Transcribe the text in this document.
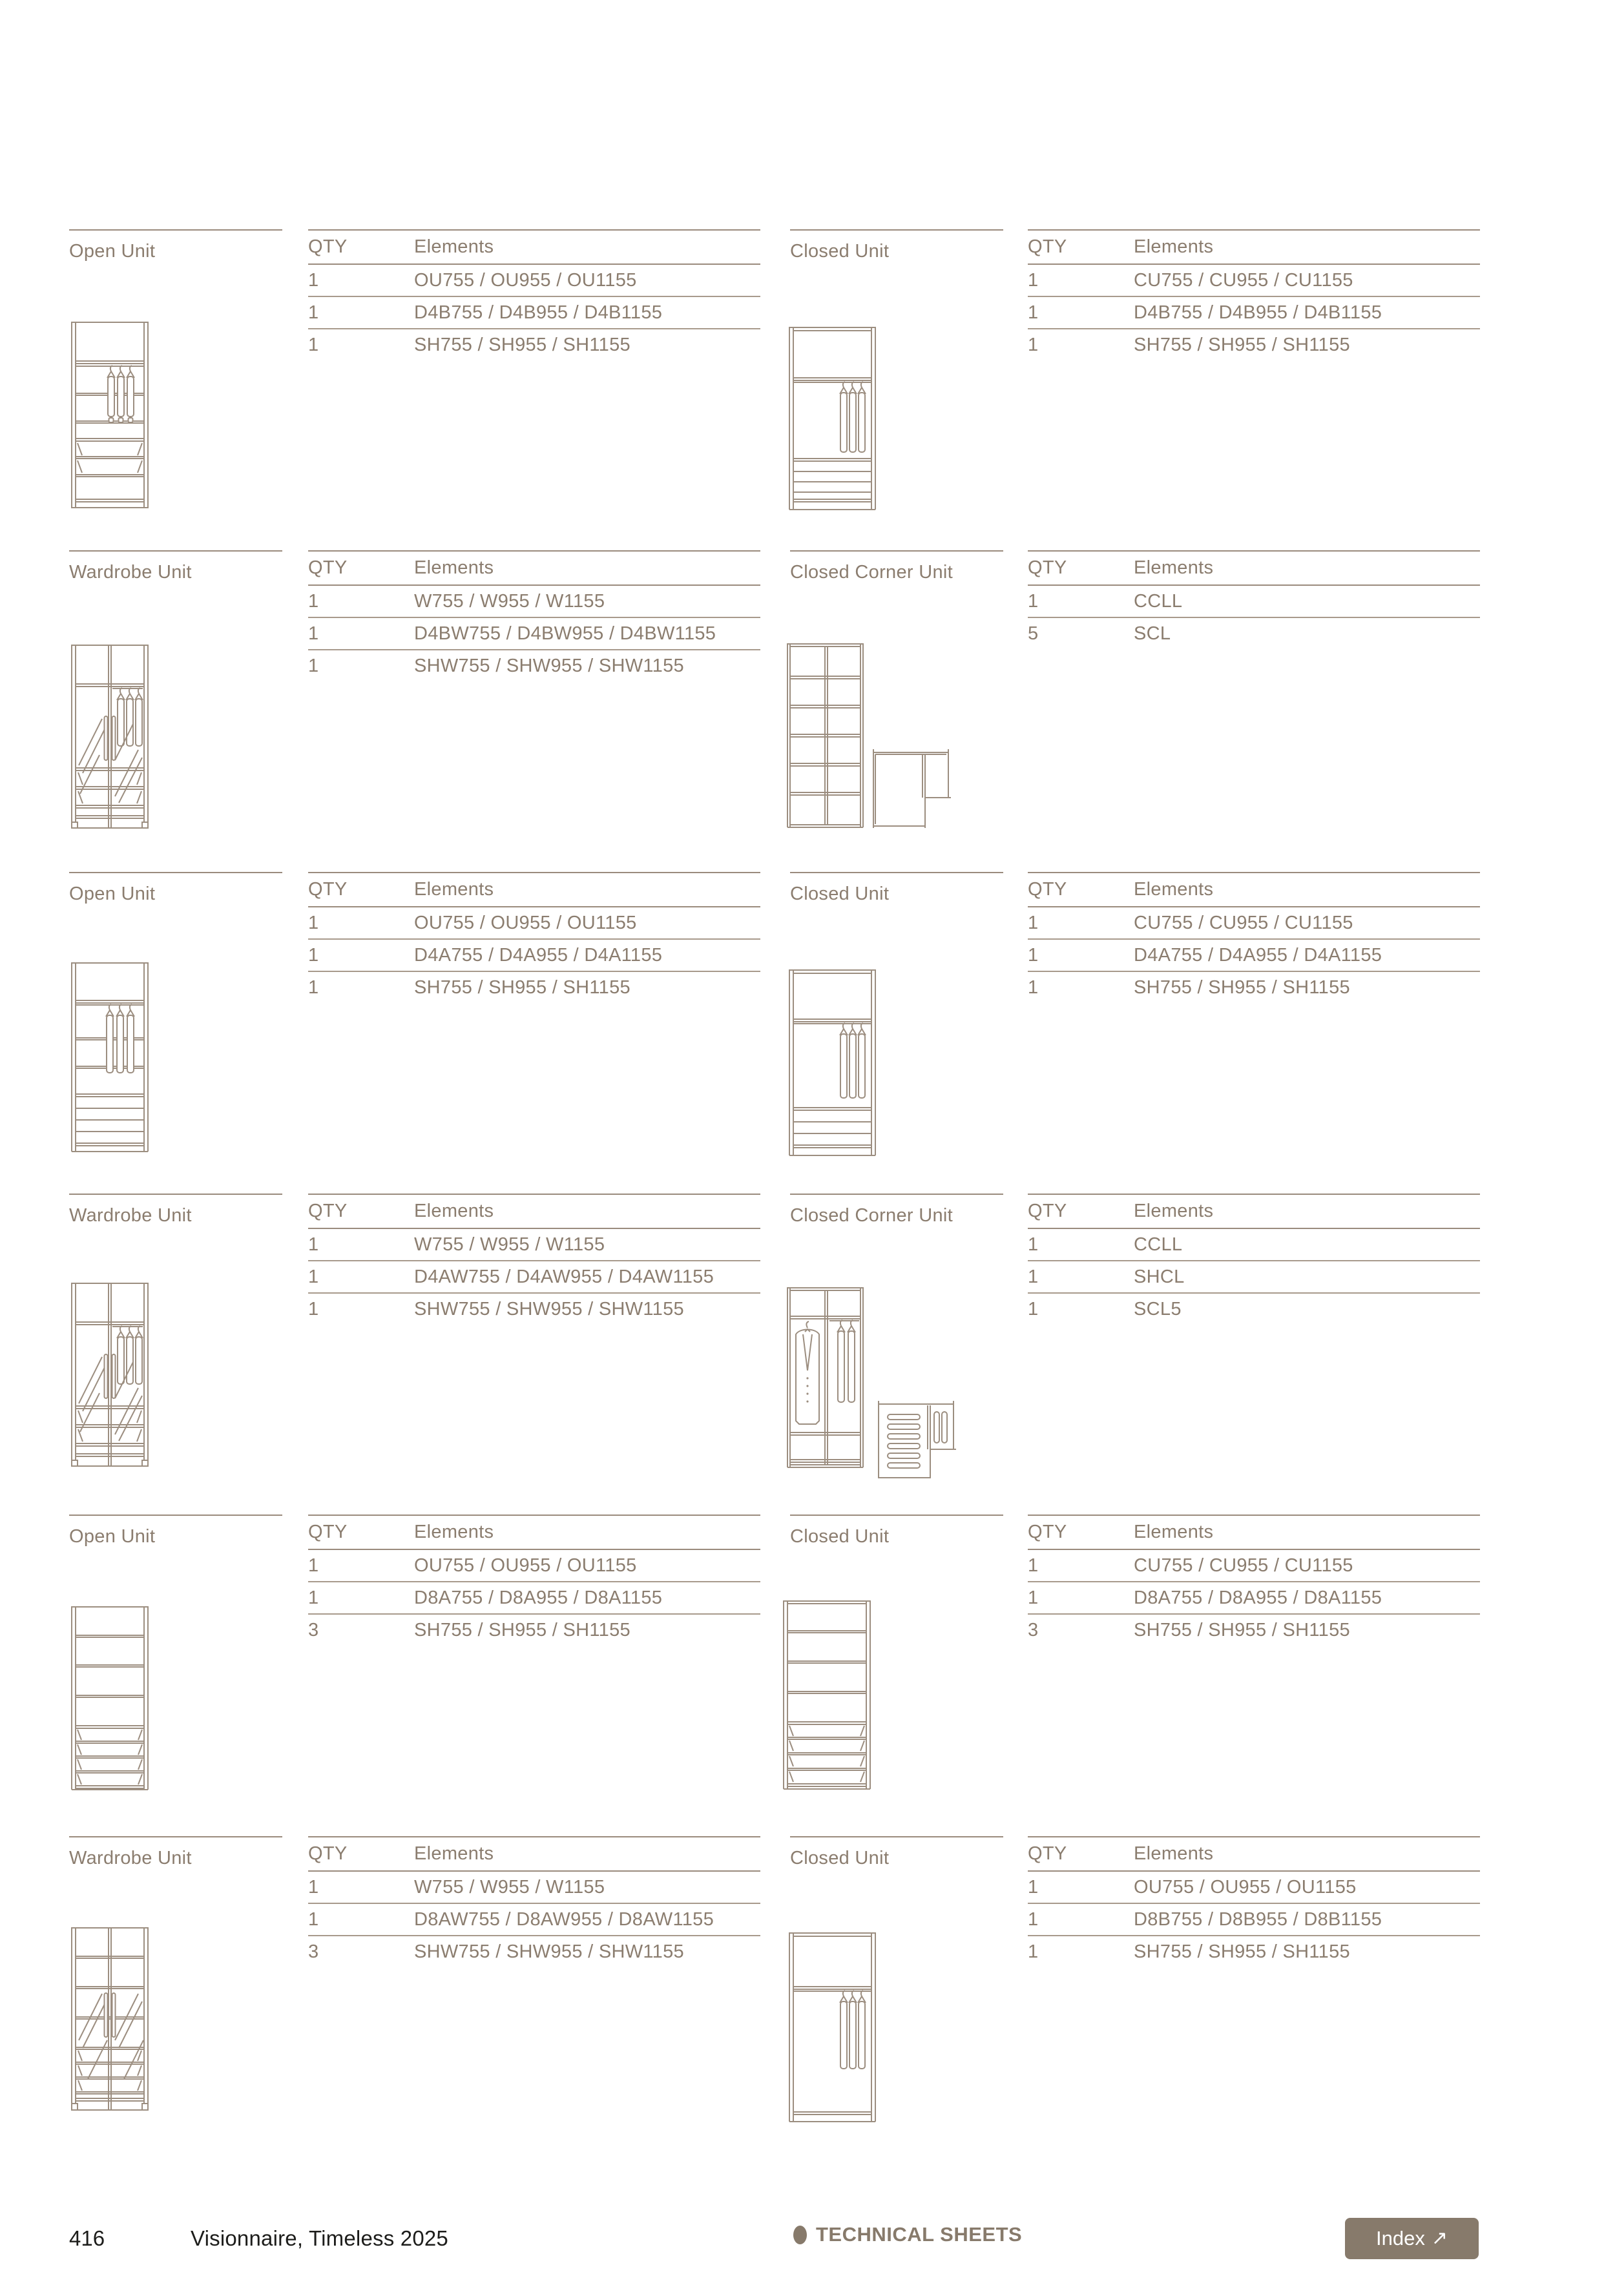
Open Unit	QTY	Elements
1	OU755 / OU955 / OU1155
1	D4B755 / D4B955 / D4B1155
1	SH755 / SH955 / SH1155
Closed Unit	QTY	Elements
1	CU755 / CU955 / CU1155
1	D4B755 / D4B955 / D4B1155
1	SH755 / SH955 / SH1155
Wardrobe Unit	QTY	Elements
1	W755 / W955 / W1155
1	D4BW755 / D4BW955 / D4BW1155
1	SHW755 / SHW955 / SHW1155
Closed Corner Unit	QTY	Elements
1	CCLL
5	SCL
Open Unit	QTY	Elements
1	OU755 / OU955 / OU1155
1	D4A755 / D4A955 / D4A1155
1	SH755 / SH955 / SH1155
Closed Unit	QTY	Elements
1	CU755 / CU955 / CU1155
1	D4A755 / D4A955 / D4A1155
1	SH755 / SH955 / SH1155
Wardrobe Unit	QTY	Elements
1	W755 / W955 / W1155
1	D4AW755 / D4AW955 / D4AW1155
1	SHW755 / SHW955 / SHW1155
Closed Corner Unit	QTY	Elements
1	CCLL
1	SHCL
1	SCL5
Open Unit	QTY	Elements
1	OU755 / OU955 / OU1155
1	D8A755 / D8A955 / D8A1155
3	SH755 / SH955 / SH1155
Closed Unit	QTY	Elements
1	CU755 / CU955 / CU1155
1	D8A755 / D8A955 / D8A1155
3	SH755 / SH955 / SH1155
Wardrobe Unit	QTY	Elements
1	W755 / W955 / W1155
1	D8AW755 / D8AW955 / D8AW1155
3	SHW755 / SHW955 / SHW1155
Closed Unit	QTY	Elements
1	OU755 / OU955 / OU1155
1	D8B755 / D8B955 / D8B1155
1	SH755 / SH955 / SH1155
416	Visionnaire, Timeless 2025	TECHNICAL SHEETS	Index ↗
